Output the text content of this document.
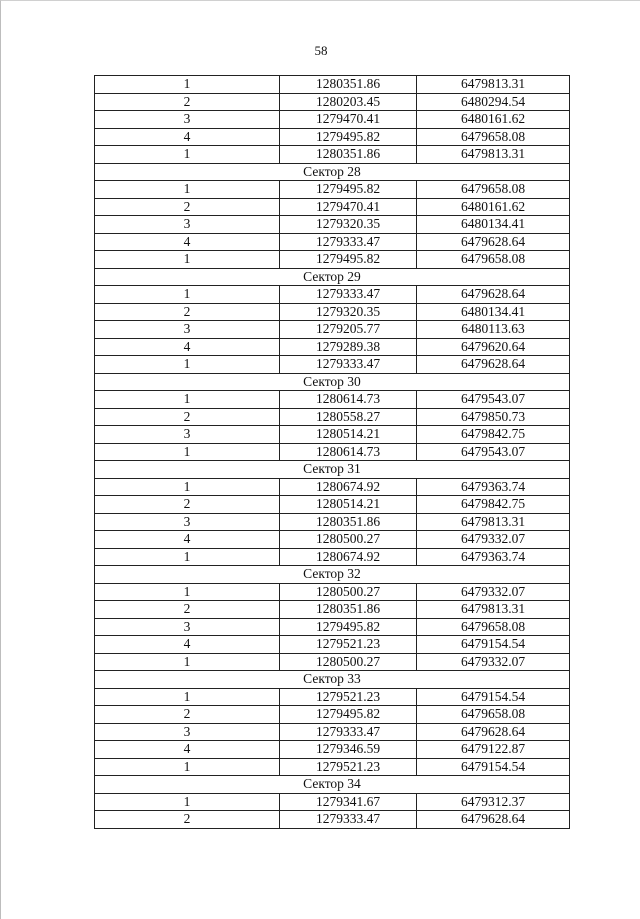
58
1	1280351.86	6479813.31
2	1280203.45	6480294.54
3	1279470.41	6480161.62
4	1279495.82	6479658.08
1	1280351.86	6479813.31
Сектор 28		
1	1279495.82	6479658.08
2	1279470.41	6480161.62
3	1279320.35	6480134.41
4	1279333.47	6479628.64
1	1279495.82	6479658.08
Сектор 29		
1	1279333.47	6479628.64
2	1279320.35	6480134.41
3	1279205.77	6480113.63
4	1279289.38	6479620.64
1	1279333.47	6479628.64
Сектор 30		
1	1280614.73	6479543.07
2	1280558.27	6479850.73
3	1280514.21	6479842.75
1	1280614.73	6479543.07
Сектор 31		
1	1280674.92	6479363.74
2	1280514.21	6479842.75
3	1280351.86	6479813.31
4	1280500.27	6479332.07
1	1280674.92	6479363.74
Сектор 32		
1	1280500.27	6479332.07
2	1280351.86	6479813.31
3	1279495.82	6479658.08
4	1279521.23	6479154.54
1	1280500.27	6479332.07
Сектор 33		
1	1279521.23	6479154.54
2	1279495.82	6479658.08
3	1279333.47	6479628.64
4	1279346.59	6479122.87
1	1279521.23	6479154.54
Сектор 34		
1	1279341.67	6479312.37
2	1279333.47	6479628.64
